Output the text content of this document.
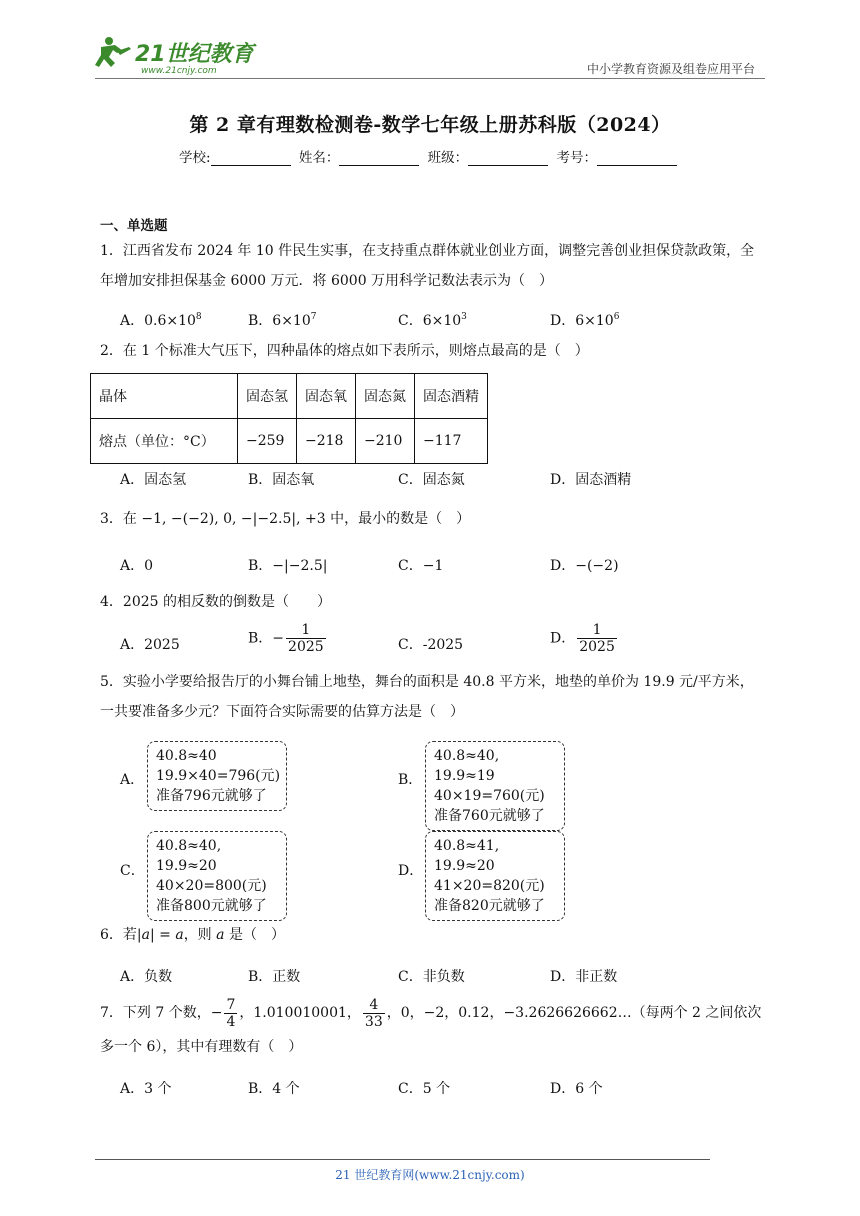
21世纪教育
www.21cnjy.com	中小学教育资源及组卷应用平台
第 2 章有理数检测卷-数学七年级上册苏科版（2024）
学校:	姓名：	班级：	考号：
一、单选题
1．江西省发布 2024 年 10 件民生实事，在支持重点群体就业创业方面，调整完善创业担保贷款政策，全年增加安排担保基金 6000 万元．将 6000 万用科学记数法表示为（　）
A．$0.6\times 10^8$	B．$6\times 10^7$	C．$6\times 10^3$	D．$6\times 10^6$
2．在 1 个标准大气压下，四种晶体的熔点如下表所示，则熔点最高的是（　）
晶体	固态氢	固态氧	固态氮	固态酒精
熔点（单位：°C）	−259	−218	−210	−117
A．固态氢	B．固态氧	C．固态氮	D．固态酒精
3．在 −1, −(−2), 0, −|−2.5|, +3 中，最小的数是（　）
A．0	B．−|−2.5|	C．−1	D．−(−2)
4．2025 的相反数的倒数是（　　）
A．2025	B．− $\frac{1}{2025}$	C．-2025	D． $\frac{1}{2025}$
5．实验小学要给报告厅的小舞台铺上地垫，舞台的面积是 40.8 平方米，地垫的单价为 19.9 元/平方米，一共要准备多少元？下面符合实际需要的估算方法是（　）
A．
40.8≈40
19.9×40=796(元)
准备796元就够了
B．
40.8≈40, 19.9≈19
40×19=760(元)
准备760元就够了
C．
40.8≈40, 19.9≈20
40×20=800(元)
准备800元就够了
D．
40.8≈41, 19.9≈20
41×20=820(元)
准备820元就够了
6．若|a| = a，则 a 是（　）
A．负数	B．正数	C．非负数	D．非正数
7．下列 7 个数，− $\frac{7}{4}$ ，1.010010001， $\frac{4}{33}$ ，0，−2，0.12，−3.2626626662…（每两个 2 之间依次多一个 6），其中有理数有（　）
A．3 个	B．4 个	C．5 个	D．6 个
21 世纪教育网(www.21cnjy.com)
